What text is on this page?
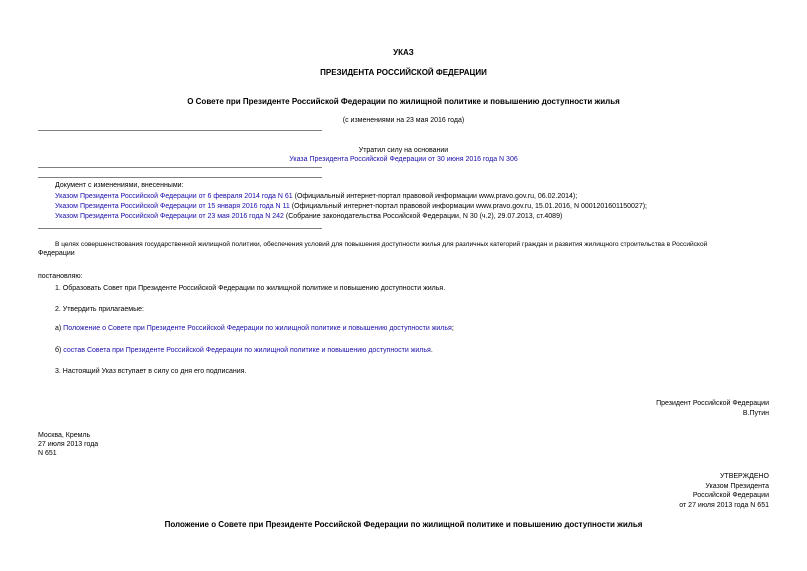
УКАЗ
ПРЕЗИДЕНТА РОССИЙСКОЙ ФЕДЕРАЦИИ
О Совете при Президенте Российской Федерации по жилищной политике и повышению доступности жилья
(с изменениями на 23 мая 2016 года)
Утратил силу на основании
Указа Президента Российской Федерации от 30 июня 2016 года N 306
Документ с изменениями, внесенными:
Указом Президента Российской Федерации от 6 февраля 2014 года N 61 (Официальный интернет-портал правовой информации www.pravo.gov.ru, 06.02.2014);
Указом Президента Российской Федерации от 15 января 2016 года N 11 (Официальный интернет-портал правовой информации www.pravo.gov.ru, 15.01.2016, N 0001201601150027);
Указом Президента Российской Федерации от 23 мая 2016 года N 242 (Собрание законодательства Российской Федерации, N 30 (ч.2), 29.07.2013, ст.4089)
В целях совершенствования государственной жилищной политики, обеспечения условий для повышения доступности жилья для различных категорий граждан и развития жилищного строительства в Российской
Федерации
постановляю:
1. Образовать Совет при Президенте Российской Федерации по жилищной политике и повышению доступности жилья.
2. Утвердить прилагаемые:
а) Положение о Совете при Президенте Российской Федерации по жилищной политике и повышению доступности жилья;
б) состав Совета при Президенте Российской Федерации по жилищной политике и повышению доступности жилья.
3. Настоящий Указ вступает в силу со дня его подписания.
Президент Российской Федерации
В.Путин
Москва, Кремль
27 июля 2013 года
N 651
УТВЕРЖДЕНО
Указом Президента
Российской Федерации
от 27 июля 2013 года N 651
Положение о Совете при Президенте Российской Федерации по жилищной политике и повышению доступности жилья
